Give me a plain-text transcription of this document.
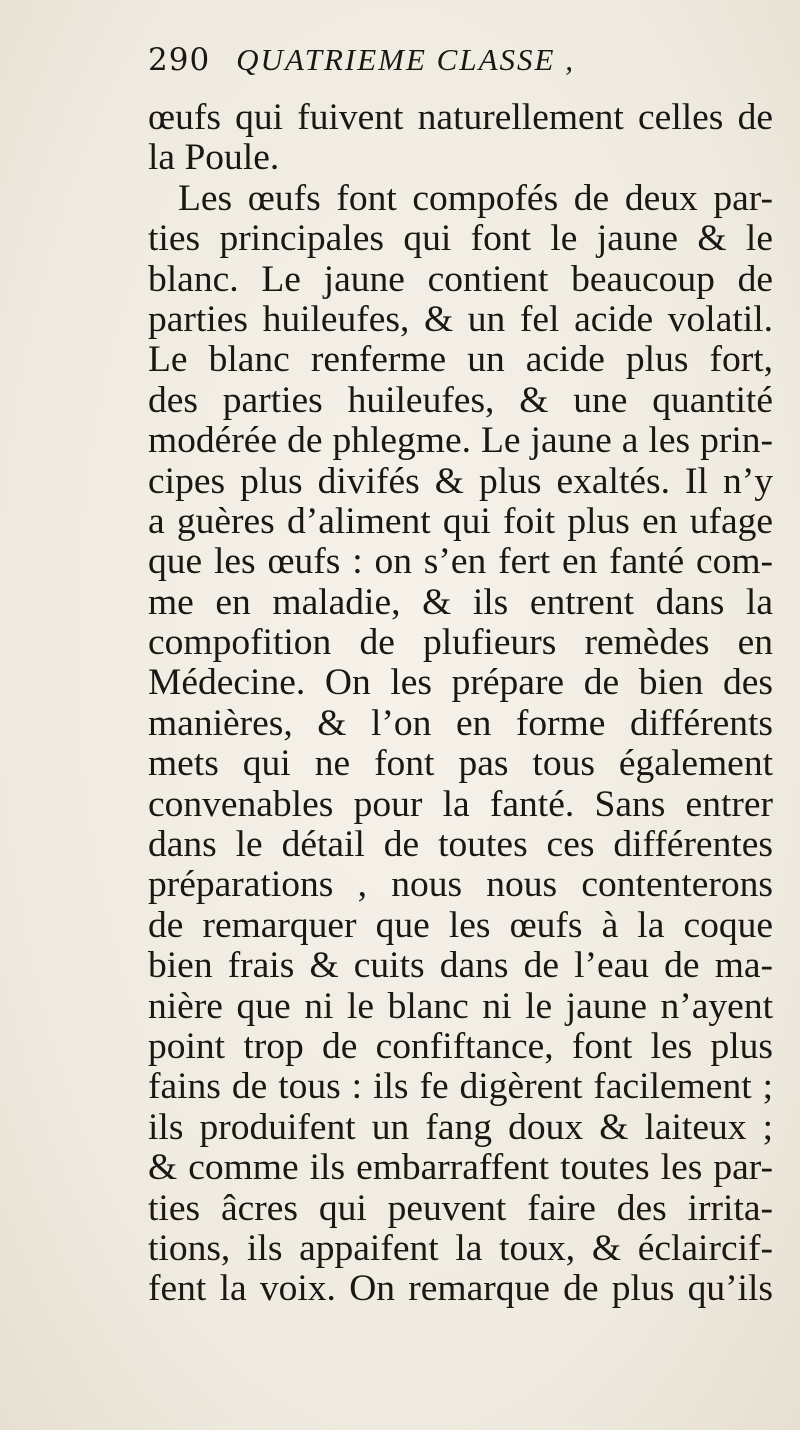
290 QUATRIEME CLASSE ,
œufs qui fuivent naturellement celles de
la Poule.
Les œufs font compofés de deux par-
ties principales qui font le jaune & le
blanc. Le jaune contient beaucoup de
parties huileufes, & un fel acide volatil.
Le blanc renferme un acide plus fort,
des parties huileufes, & une quantité
modérée de phlegme. Le jaune a les prin-
cipes plus divifés & plus exaltés. Il n’y
a guères d’aliment qui foit plus en ufage
que les œufs : on s’en fert en fanté com-
me en maladie, & ils entrent dans la
compofition de plufieurs remèdes en
Médecine. On les prépare de bien des
manières, & l’on en forme différents
mets qui ne font pas tous également
convenables pour la fanté. Sans entrer
dans le détail de toutes ces différentes
préparations , nous nous contenterons
de remarquer que les œufs à la coque
bien frais & cuits dans de l’eau de ma-
nière que ni le blanc ni le jaune n’ayent
point trop de confiftance, font les plus
fains de tous : ils fe digèrent facilement ;
ils produifent un fang doux & laiteux ;
& comme ils embarraffent toutes les par-
ties âcres qui peuvent faire des irrita-
tions, ils appaifent la toux, & éclaircif-
fent la voix. On remarque de plus qu’ils
